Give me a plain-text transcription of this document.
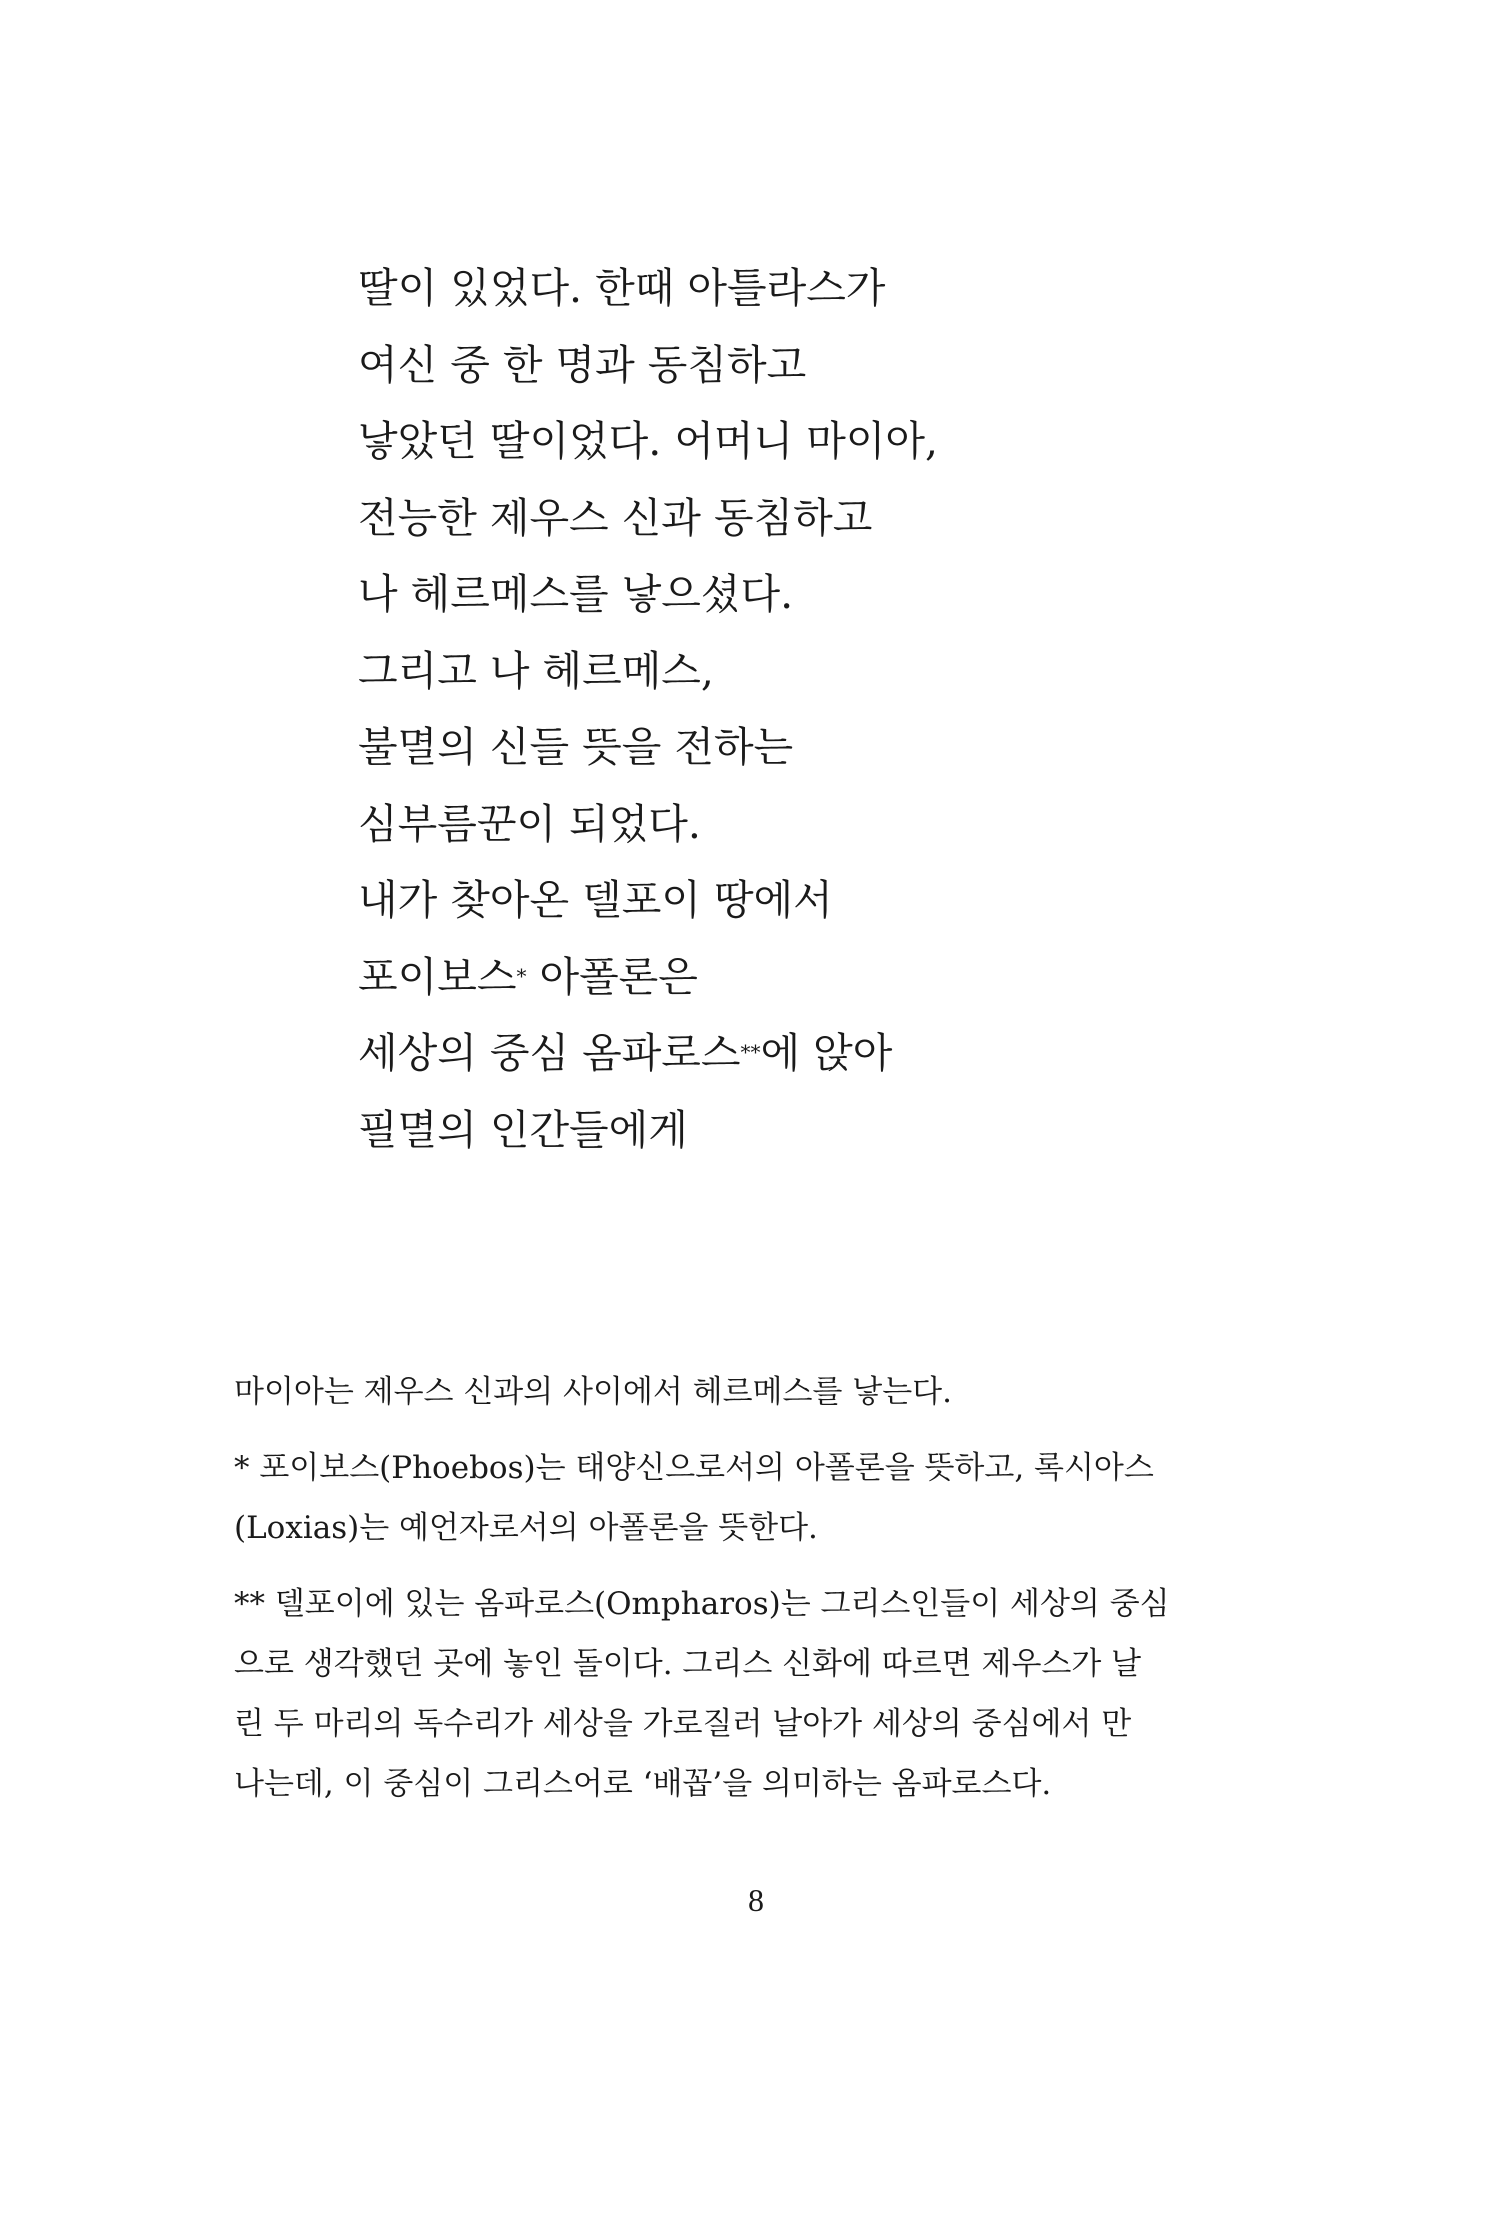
딸이 있었다. 한때 아틀라스가
여신 중 한 명과 동침하고
낳았던 딸이었다. 어머니 마이아,
전능한 제우스 신과 동침하고
나 헤르메스를 낳으셨다.
그리고 나 헤르메스,
불멸의 신들 뜻을 전하는
심부름꾼이 되었다.
내가 찾아온 델포이 땅에서
포이보스* 아폴론은
세상의 중심 옴파로스**에 앉아
필멸의 인간들에게
마이아는 제우스 신과의 사이에서 헤르메스를 낳는다.
* 포이보스(Phoebos)는 태양신으로서의 아폴론을 뜻하고, 록시아스
(Loxias)는 예언자로서의 아폴론을 뜻한다.
** 델포이에 있는 옴파로스(Ompharos)는 그리스인들이 세상의 중심
으로 생각했던 곳에 놓인 돌이다. 그리스 신화에 따르면 제우스가 날
린 두 마리의 독수리가 세상을 가로질러 날아가 세상의 중심에서 만
나는데, 이 중심이 그리스어로 ‘배꼽’을 의미하는 옴파로스다.
8
